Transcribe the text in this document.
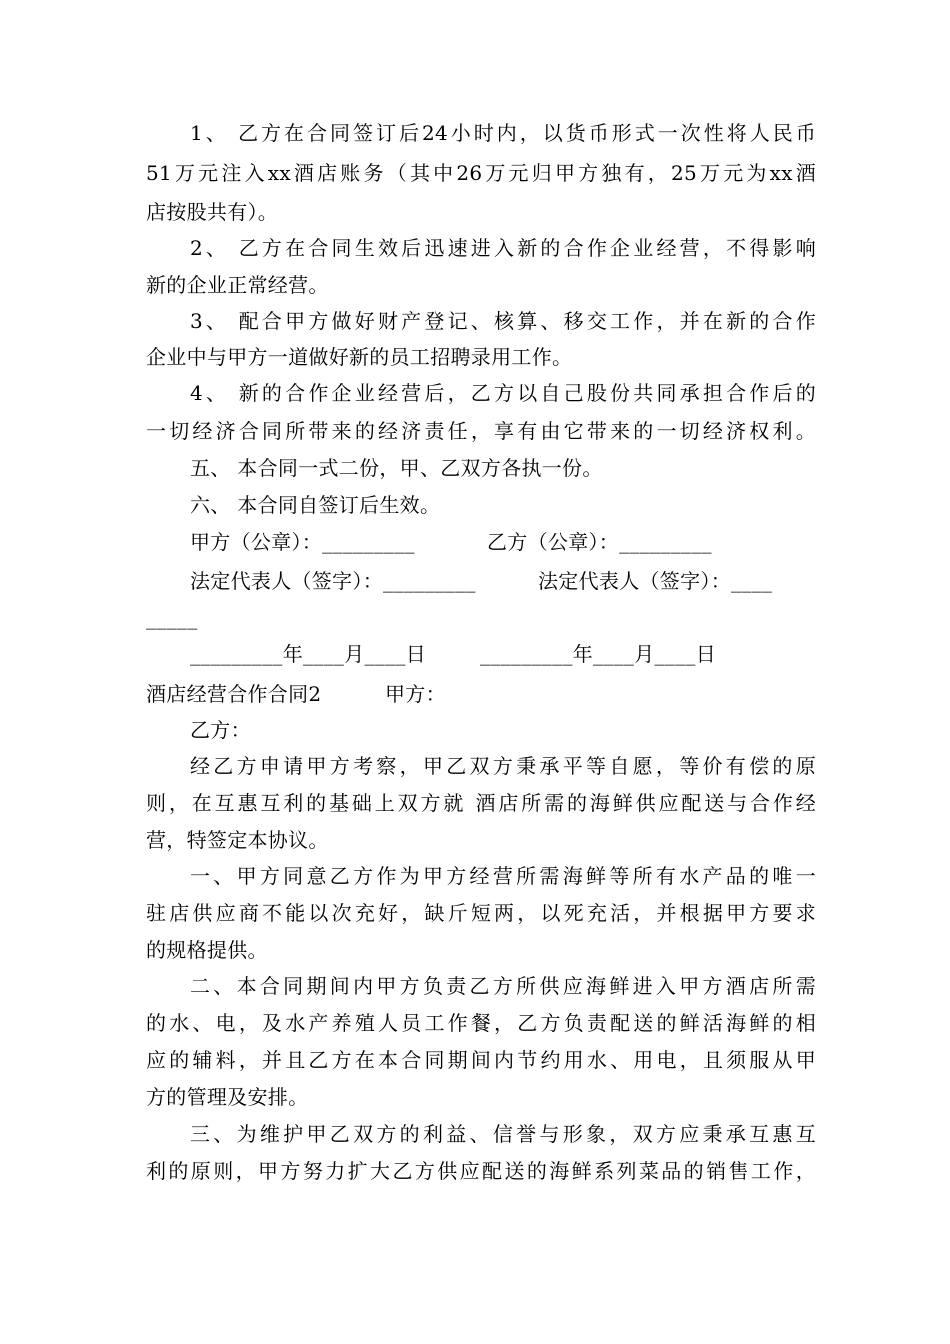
1、 乙方在合同签订后24小时内，以货币形式一次性将人民币
51万元注入xx酒店账务（其中26万元归甲方独有，25万元为xx酒
店按股共有）。
2、 乙方在合同生效后迅速进入新的合作企业经营，不得影响
新的企业正常经营。
3、 配合甲方做好财产登记、核算、移交工作，并在新的合作
企业中与甲方一道做好新的员工招聘录用工作。
4、 新的合作企业经营后，乙方以自己股份共同承担合作后的
一切经济合同所带来的经济责任，享有由它带来的一切经济权利。
五、 本合同一式二份，甲、乙双方各执一份。
六、 本合同自签订后生效。
甲方（公章）：_________	乙方（公章）：_________
法定代表人（签字）：_________	法定代表人（签字）：____
_____
_________年____月____日	_________年____月____日
酒店经营合作合同2	甲方：
乙方：
经乙方申请甲方考察，甲乙双方秉承平等自愿，等价有偿的原
则，在互惠互利的基础上双方就 酒店所需的海鲜供应配送与合作经
营，特签定本协议。
一、甲方同意乙方作为甲方经营所需海鲜等所有水产品的唯一
驻店供应商不能以次充好，缺斤短两，以死充活，并根据甲方要求
的规格提供。
二、本合同期间内甲方负责乙方所供应海鲜进入甲方酒店所需
的水、电，及水产养殖人员工作餐，乙方负责配送的鲜活海鲜的相
应的辅料，并且乙方在本合同期间内节约用水、用电，且须服从甲
方的管理及安排。
三、为维护甲乙双方的利益、信誉与形象，双方应秉承互惠互
利的原则，甲方努力扩大乙方供应配送的海鲜系列菜品的销售工作，
